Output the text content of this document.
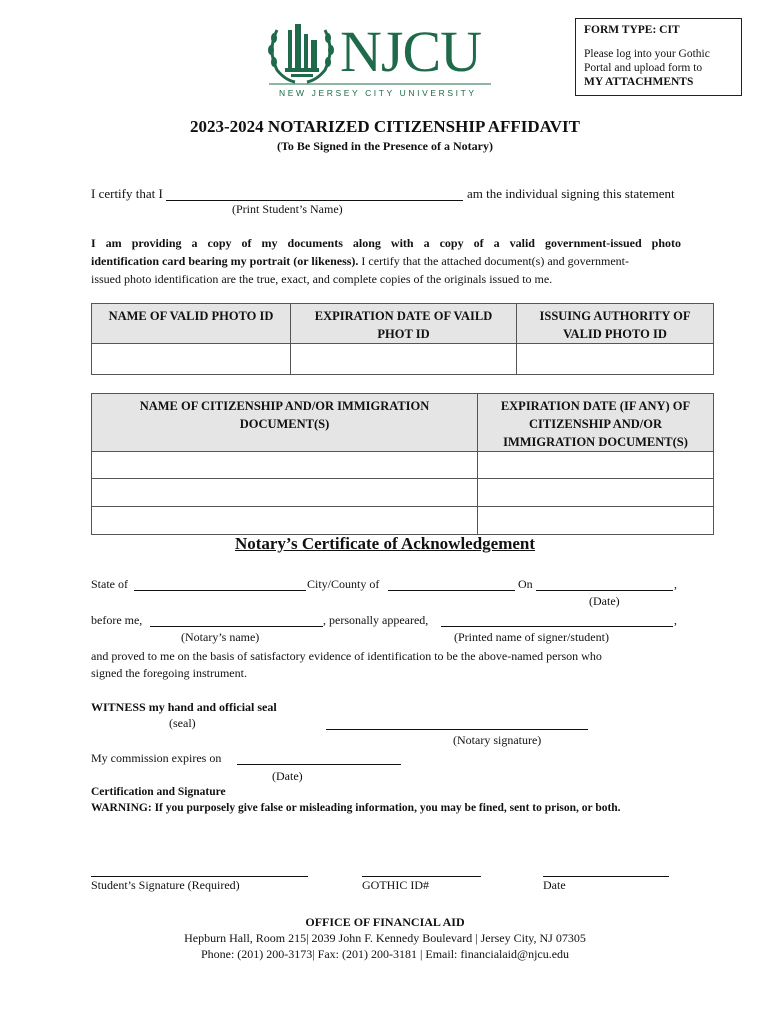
NJCU
NEW JERSEY CITY UNIVERSITY
FORM TYPE: CIT
Please log into your Gothic
Portal and upload form to
MY ATTACHMENTS
2023-2024 NOTARIZED CITIZENSHIP AFFIDAVIT
(To Be Signed in the Presence of a Notary)
I certify that I	am the individual signing this statement
(Print Student’s Name)
I am providing a copy of my documents along with a copy of a valid government-issued photo
identification card bearing my portrait (or likeness). I certify that the attached document(s) and government-
issued photo identification are the true, exact, and complete copies of the originals issued to me.
NAME OF VALID PHOTO ID	EXPIRATION DATE OF VAILD PHOT ID	ISSUING AUTHORITY OF VALID PHOTO ID

NAME OF CITIZENSHIP AND/OR IMMIGRATION DOCUMENT(S)	EXPIRATION DATE (IF ANY) OF CITIZENSHIP AND/OR IMMIGRATION DOCUMENT(S)

Notary’s Certificate of Acknowledgement
State of	City/County of	On	,
(Date)
before me,	, personally appeared,	,
(Notary’s name)	(Printed name of signer/student)
and proved to me on the basis of satisfactory evidence of identification to be the above-named person who
signed the foregoing instrument.
WITNESS my hand and official seal
(seal)
(Notary signature)
My commission expires on
(Date)
Certification and Signature
WARNING: If you purposely give false or misleading information, you may be fined, sent to prison, or both.
Student’s Signature (Required)	GOTHIC ID#	Date
OFFICE OF FINANCIAL AID
Hepburn Hall, Room 215| 2039 John F. Kennedy Boulevard | Jersey City, NJ 07305
Phone: (201) 200-3173| Fax: (201) 200-3181 | Email: financialaid@njcu.edu
